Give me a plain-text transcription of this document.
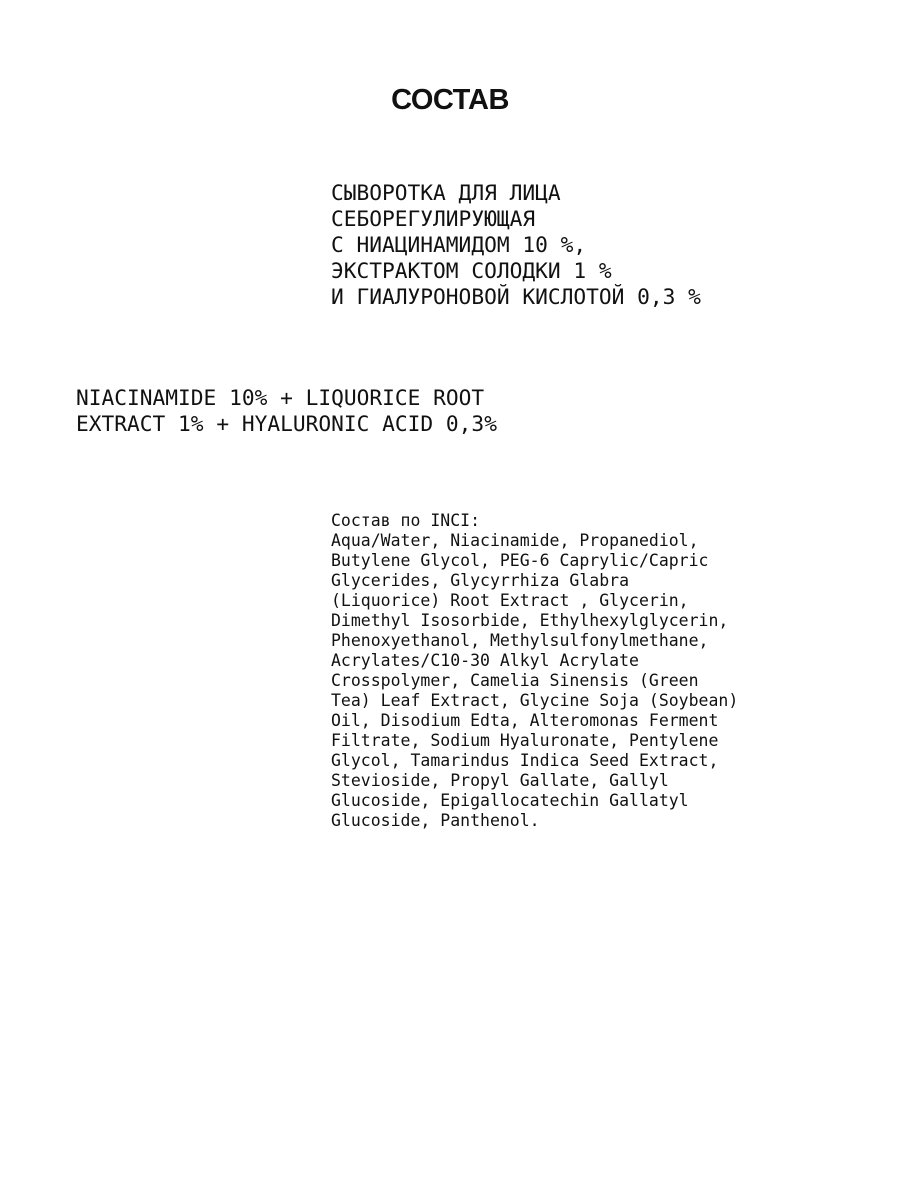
СОСТАВ
СЫВОРОТКА ДЛЯ ЛИЦА
СЕБОРЕГУЛИРУЮЩАЯ
С НИАЦИНАМИДОМ 10 %,
ЭКСТРАКТОМ СОЛОДКИ 1 %
И ГИАЛУРОНОВОЙ КИСЛОТОЙ 0,3 %
NIACINAMIDE 10% + LIQUORICE ROOT
EXTRACT 1% + HYALURONIC ACID 0,3%
Состав по INCI:
Aqua/Water, Niacinamide, Propanediol,
Butylene Glycol, PEG-6 Caprylic/Capric
Glycerides, Glycyrrhiza Glabra
(Liquorice) Root Extract , Glycerin,
Dimethyl Isosorbide, Ethylhexylglycerin,
Phenoxyethanol, Methylsulfonylmethane,
Acrylates/C10-30 Alkyl Acrylate
Crosspolymer, Camelia Sinensis (Green
Tea) Leaf Extract, Glycine Soja (Soybean)
Oil, Disodium Edta, Alteromonas Ferment
Filtrate, Sodium Hyaluronate, Pentylene
Glycol, Tamarindus Indica Seed Extract,
Stevioside, Propyl Gallate, Gallyl
Glucoside, Epigallocatechin Gallatyl
Glucoside, Panthenol.
